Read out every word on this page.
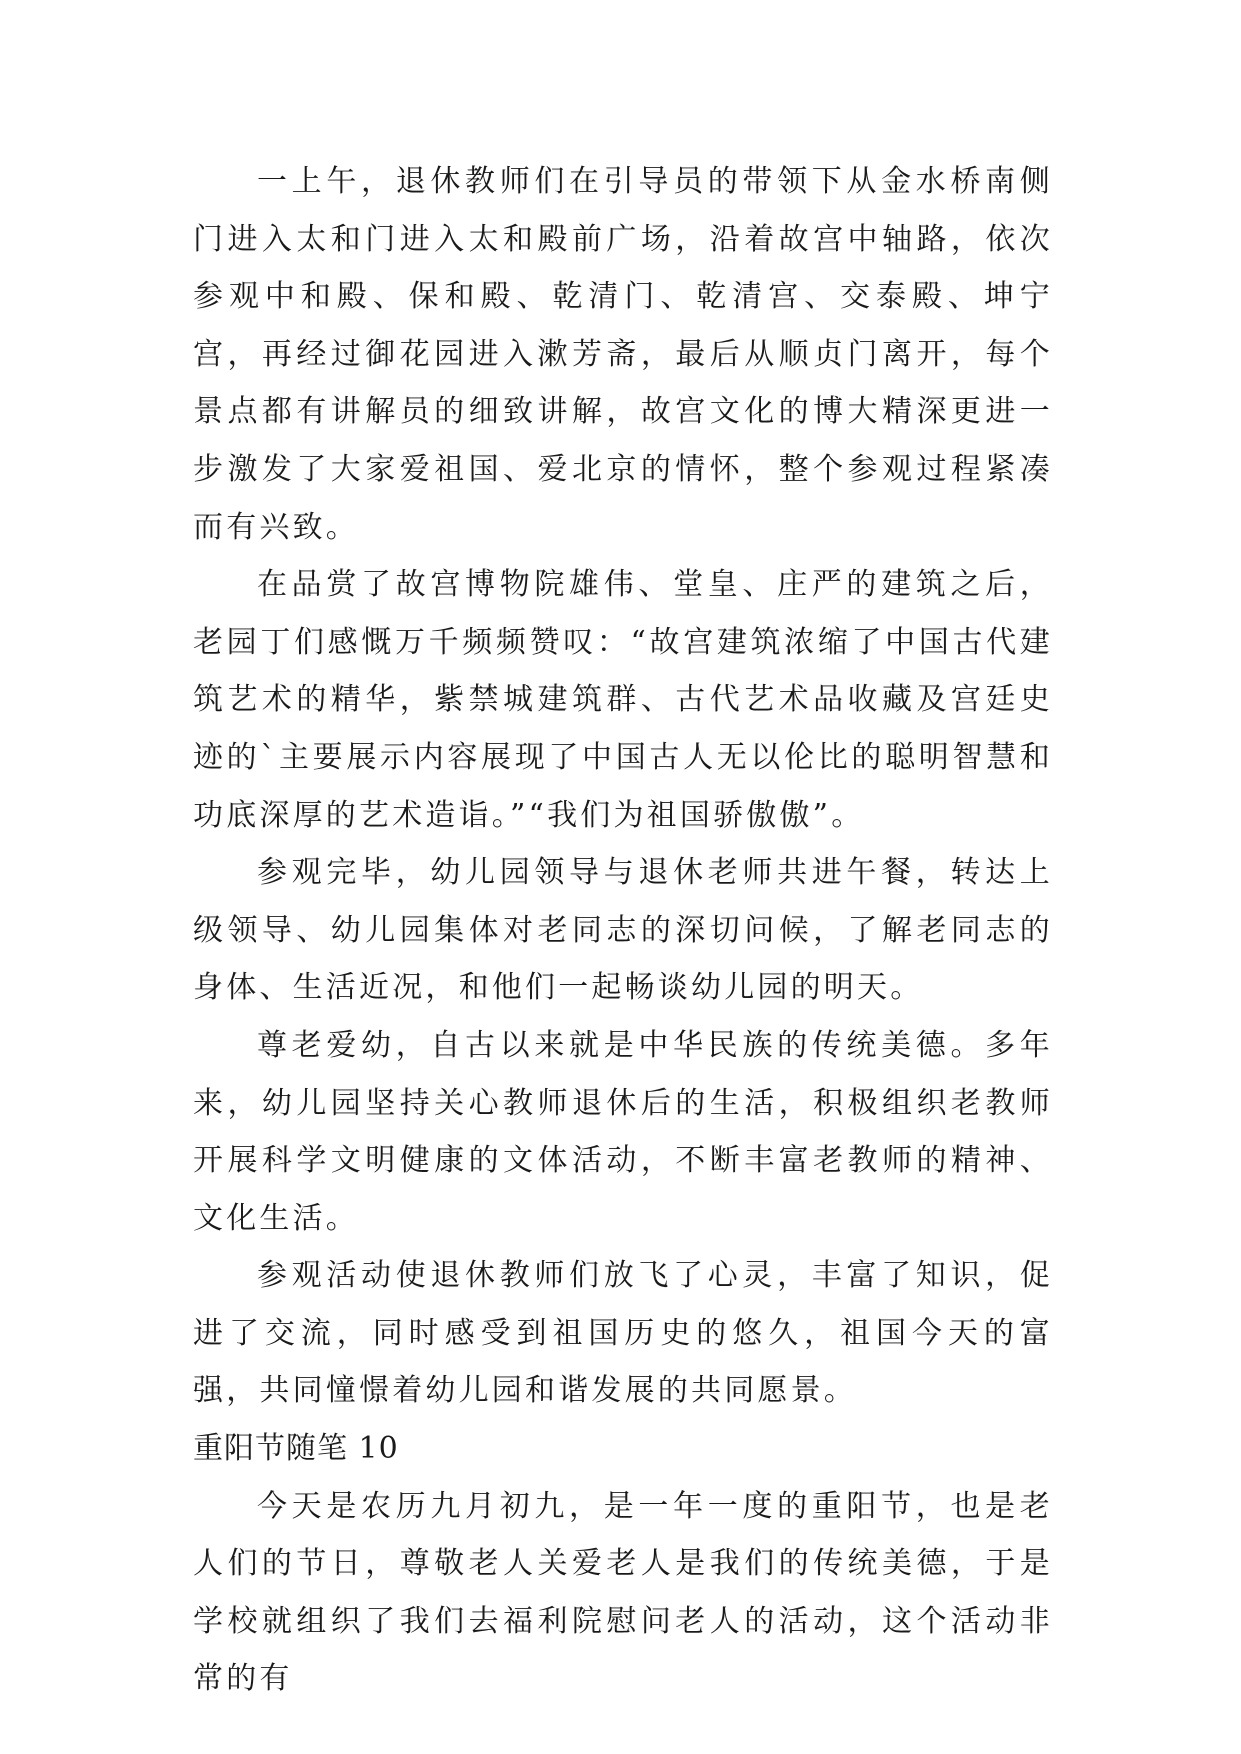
一上午，退休教师们在引导员的带领下从金水桥南侧门进入太和门进入太和殿前广场，沿着故宫中轴路，依次参观中和殿、保和殿、乾清门、乾清宫、交泰殿、坤宁宫，再经过御花园进入漱芳斋，最后从顺贞门离开，每个景点都有讲解员的细致讲解，故宫文化的博大精深更进一步激发了大家爱祖国、爱北京的情怀，整个参观过程紧凑而有兴致。

在品赏了故宫博物院雄伟、堂皇、庄严的建筑之后，老园丁们感慨万千频频赞叹：“故宫建筑浓缩了中国古代建筑艺术的精华，紫禁城建筑群、古代艺术品收藏及宫廷史迹的`主要展示内容展现了中国古人无以伦比的聪明智慧和功底深厚的艺术造诣。”“我们为祖国骄傲傲”。

参观完毕，幼儿园领导与退休老师共进午餐，转达上级领导、幼儿园集体对老同志的深切问候，了解老同志的身体、生活近况，和他们一起畅谈幼儿园的明天。

尊老爱幼，自古以来就是中华民族的传统美德。多年来，幼儿园坚持关心教师退休后的生活，积极组织老教师开展科学文明健康的文体活动，不断丰富老教师的精神、文化生活。

参观活动使退休教师们放飞了心灵，丰富了知识，促进了交流，同时感受到祖国历史的悠久，祖国今天的富强，共同憧憬着幼儿园和谐发展的共同愿景。

重阳节随笔 10

今天是农历九月初九，是一年一度的重阳节，也是老人们的节日，尊敬老人关爱老人是我们的传统美德，于是学校就组织了我们去福利院慰问老人的活动，这个活动非常的有
